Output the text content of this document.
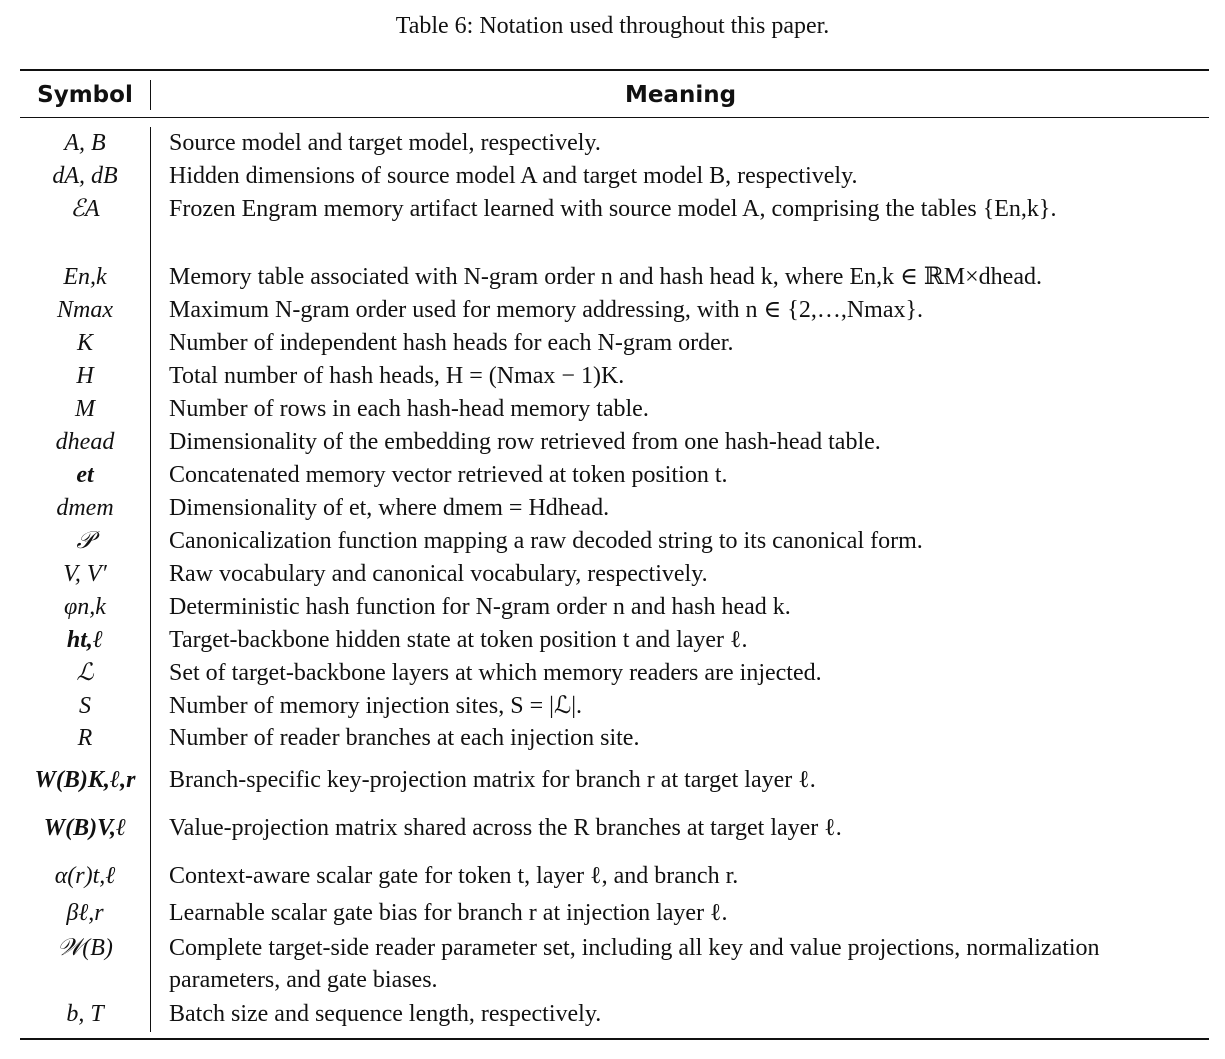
Table 6: Notation used throughout this paper.
Symbol	Meaning
A, B	Source model and target model, respectively.
dA, dB	Hidden dimensions of source model A and target model B, respectively.
ℰA	Frozen Engram memory artifact learned with source model A, comprising the tables {En,k}.
En,k	Memory table associated with N-gram order n and hash head k, where En,k ∈ ℝM×dhead.
Nmax	Maximum N-gram order used for memory addressing, with n ∈ {2,…,Nmax}.
K	Number of independent hash heads for each N-gram order.
H	Total number of hash heads, H = (Nmax − 1)K.
M	Number of rows in each hash-head memory table.
dhead	Dimensionality of the embedding row retrieved from one hash-head table.
et	Concatenated memory vector retrieved at token position t.
dmem	Dimensionality of et, where dmem = Hdhead.
𝒫	Canonicalization function mapping a raw decoded string to its canonical form.
V, V′	Raw vocabulary and canonical vocabulary, respectively.
φn,k	Deterministic hash function for N-gram order n and hash head k.
ht,ℓ	Target-backbone hidden state at token position t and layer ℓ.
ℒ	Set of target-backbone layers at which memory readers are injected.
S	Number of memory injection sites, S = |ℒ|.
R	Number of reader branches at each injection site.
W(B)K,ℓ,r	Branch-specific key-projection matrix for branch r at target layer ℓ.
W(B)V,ℓ	Value-projection matrix shared across the R branches at target layer ℓ.
α(r)t,ℓ	Context-aware scalar gate for token t, layer ℓ, and branch r.
βℓ,r	Learnable scalar gate bias for branch r at injection layer ℓ.
𝒲(B)	Complete target-side reader parameter set, including all key and value projections, normalization parameters, and gate biases.
b, T	Batch size and sequence length, respectively.
